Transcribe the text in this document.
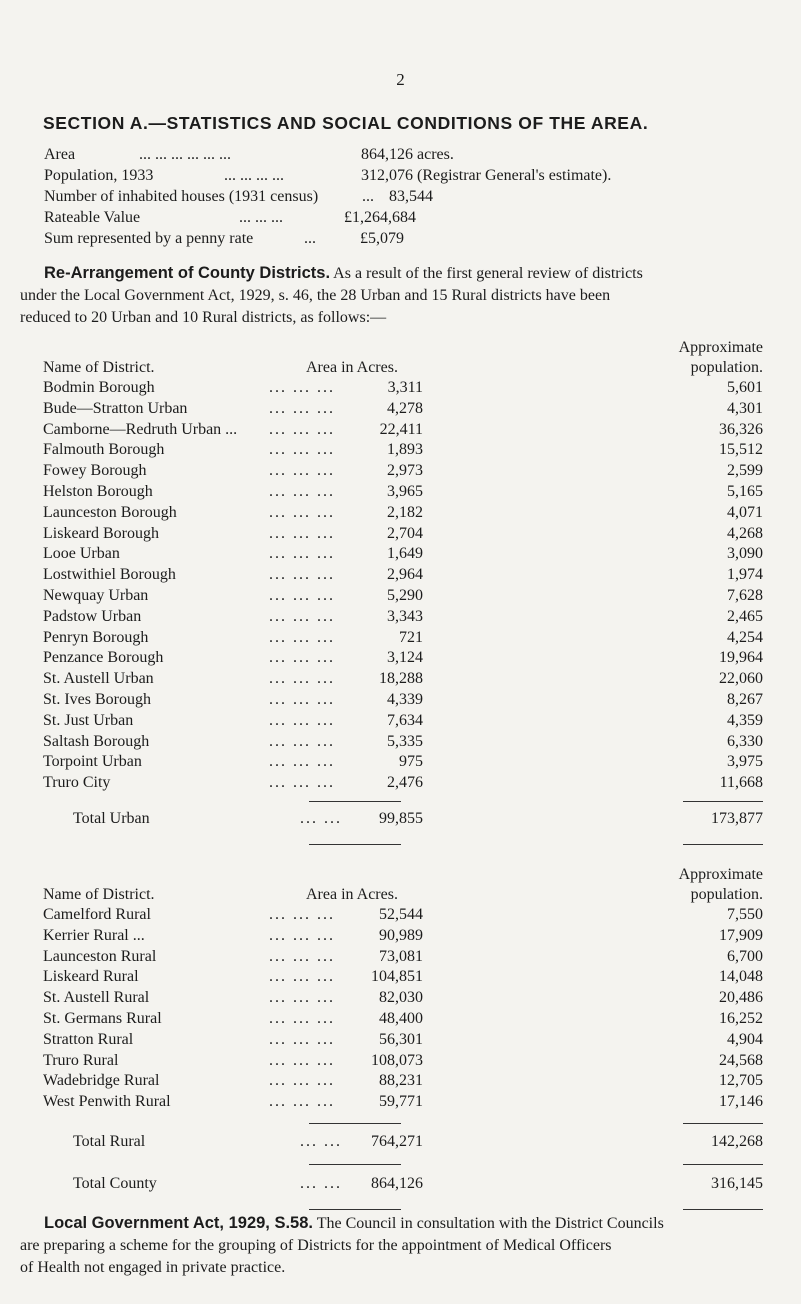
2
SECTION A.—STATISTICS AND SOCIAL CONDITIONS OF THE AREA.
Area	... ... ... ... ... ...	864,126 acres.
Population, 1933	... ... ... ...	312,076 (Registrar General's estimate).
Number of inhabited houses (1931 census)	... 83,544
Rateable Value	... ... ...	£1,264,684
Sum represented by a penny rate	...	£5,079
Re-Arrangement of County Districts. As a result of the first general review of districts
under the Local Government Act, 1929, s. 46, the 28 Urban and 15 Rural districts have been
reduced to 20 Urban and 10 Rural districts, as follows:—
Name of District.	Area in Acres.
Approximate
population.
Bodmin Borough	... ... ...	3,311	5,601
Bude—Stratton Urban	... ... ...	4,278	4,301
Camborne—Redruth Urban ... ... ... ...	22,411	36,326
Falmouth Borough	... ... ...	1,893	15,512
Fowey Borough	... ... ...	2,973	2,599
Helston Borough	... ... ...	3,965	5,165
Launceston Borough	... ... ...	2,182	4,071
Liskeard Borough	... ... ...	2,704	4,268
Looe Urban	... ... ...	1,649	3,090
Lostwithiel Borough	... ... ...	2,964	1,974
Newquay Urban	... ... ...	5,290	7,628
Padstow Urban	... ... ...	3,343	2,465
Penryn Borough	... ... ...	721	4,254
Penzance Borough	... ... ...	3,124	19,964
St. Austell Urban	... ... ...	18,288	22,060
St. Ives Borough	... ... ...	4,339	8,267
St. Just Urban	... ... ...	7,634	4,359
Saltash Borough	... ... ...	5,335	6,330
Torpoint Urban	... ... ...	975	3,975
Truro City	... ... ...	2,476	11,668
Total Urban	... ... 99,855	173,877
Name of District.	Area in Acres.
Approximate
population.
Camelford Rural	... ... ...	52,544	7,550
Kerrier Rural ...	... ... ...	90,989	17,909
Launceston Rural	... ... ...	73,081	6,700
Liskeard Rural	... ... ... 104,851	14,048
St. Austell Rural	... ... ...	82,030	20,486
St. Germans Rural	... ... ...	48,400	16,252
Stratton Rural	... ... ...	56,301	4,904
Truro Rural	... ... ... 108,073	24,568
Wadebridge Rural	... ... ...	88,231	12,705
West Penwith Rural	... ... ...	59,771	17,146
Total Rural	... ... 764,271	142,268
Total County	... ... 864,126	316,145
Local Government Act, 1929, S.58. The Council in consultation with the District Councils
are preparing a scheme for the grouping of Districts for the appointment of Medical Officers
of Health not engaged in private practice.
